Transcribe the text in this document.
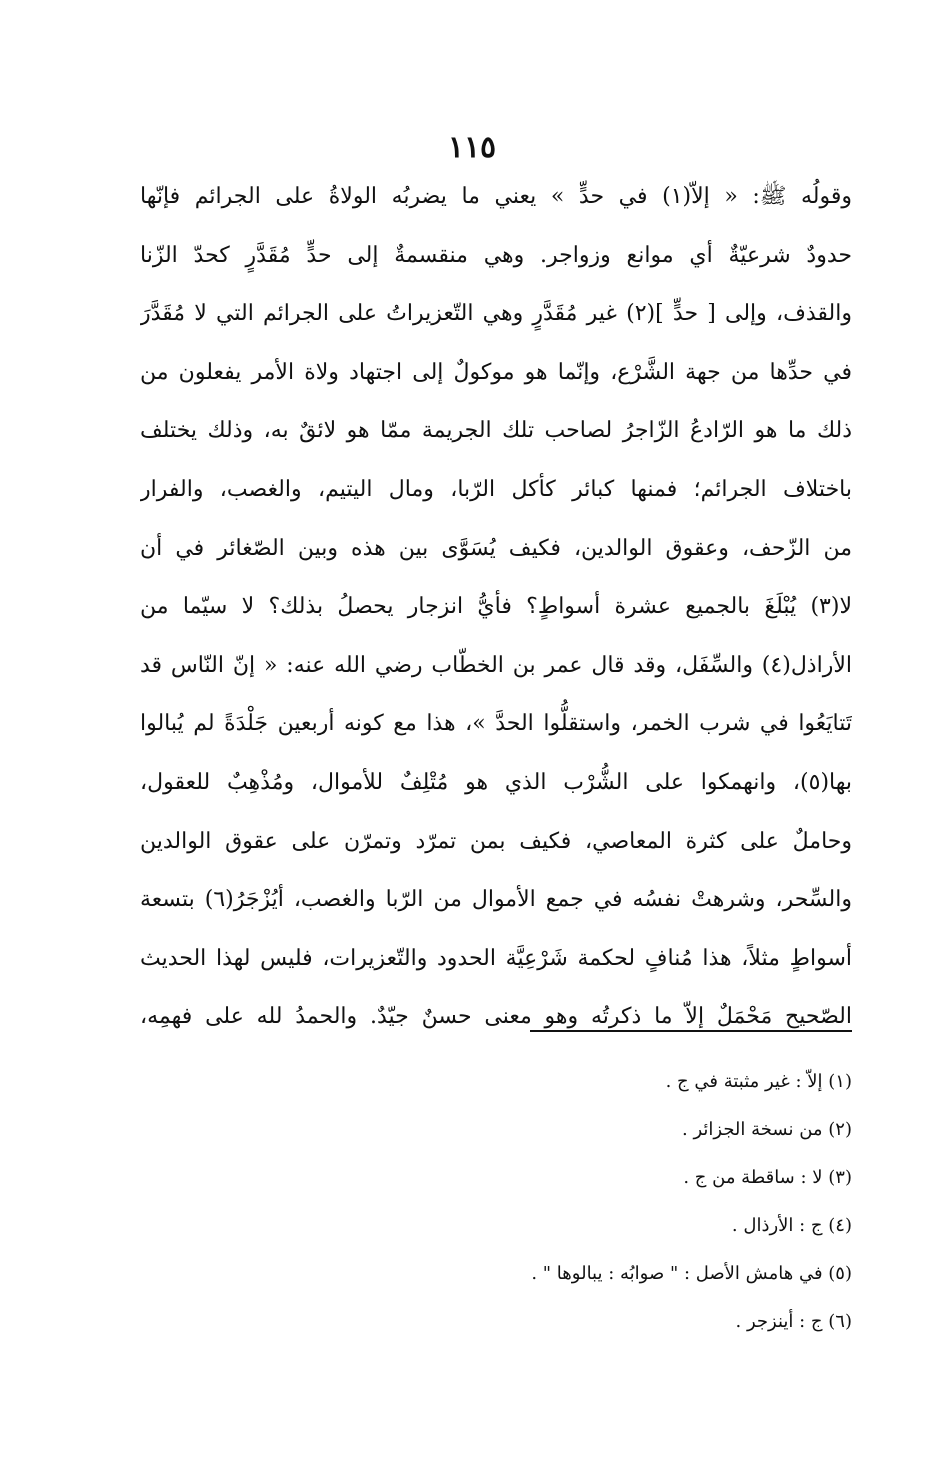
١١٥
وقولُه ﷺ: « إلاّ(١) في حدٍّ » يعني ما يضربُه الولاةُ على الجرائم فإنّها
حدودٌ شرعيّةٌ أي موانع وزواجر. وهي منقسمةٌ إلى حدٍّ مُقَدَّرٍ كحدّ الزّنا
والقذف، وإلى [ حدٍّ ](٢) غير مُقَدَّرٍ وهي التّعزيراتُ على الجرائم التي لا مُقَدَّرَ
في حدِّها من جهة الشَّرْع، وإنّما هو موكولٌ إلى اجتهاد ولاة الأمر يفعلون من
ذلك ما هو الرّادعُ الزّاجرُ لصاحب تلك الجريمة ممّا هو لائقٌ به، وذلك يختلف
باختلاف الجرائم؛ فمنها كبائر كأكل الرّبا، ومال اليتيم، والغصب، والفرار
من الزّحف، وعقوق الوالدين، فكيف يُسَوَّى بين هذه وبين الصّغائر في أن
لا(٣) يُبْلَغَ بالجميع عشرة أسواطٍ؟ فأيُّ انزجار يحصلُ بذلك؟ لا سيّما من
الأراذل(٤) والسِّفَل، وقد قال عمر بن الخطّاب رضي الله عنه: « إنّ النّاس قد
تَتايَعُوا في شرب الخمر، واستقلُّوا الحدَّ »، هذا مع كونه أربعين جَلْدَةً لم يُبالوا
بها(٥)، وانهمكوا على الشُّرْب الذي هو مُتْلِفٌ للأموال، ومُذْهِبٌ للعقول،
وحاملٌ على كثرة المعاصي، فكيف بمن تمرّد وتمرّن على عقوق الوالدين
والسِّحر، وشرهتْ نفسُه في جمع الأموال من الرّبا والغصب، أيُزْجَرُ(٦) بتسعة
أسواطٍ مثلاً، هذا مُنافٍ لحكمة شَرْعِيَّة الحدود والتّعزيرات، فليس لهذا الحديث
الصّحيح مَحْمَلٌ إلاّ ما ذكرتُه وهو معنى حسنٌ جيّدٌ. والحمدُ لله على فهمِه،
(١) إلاّ : غير مثبتة في ج .
(٢) من نسخة الجزائر .
(٣) لا : ساقطة من ج .
(٤) ج : الأرذال .
(٥) في هامش الأصل : " صوابُه : يبالوها " .
(٦) ج : أينزجر .
